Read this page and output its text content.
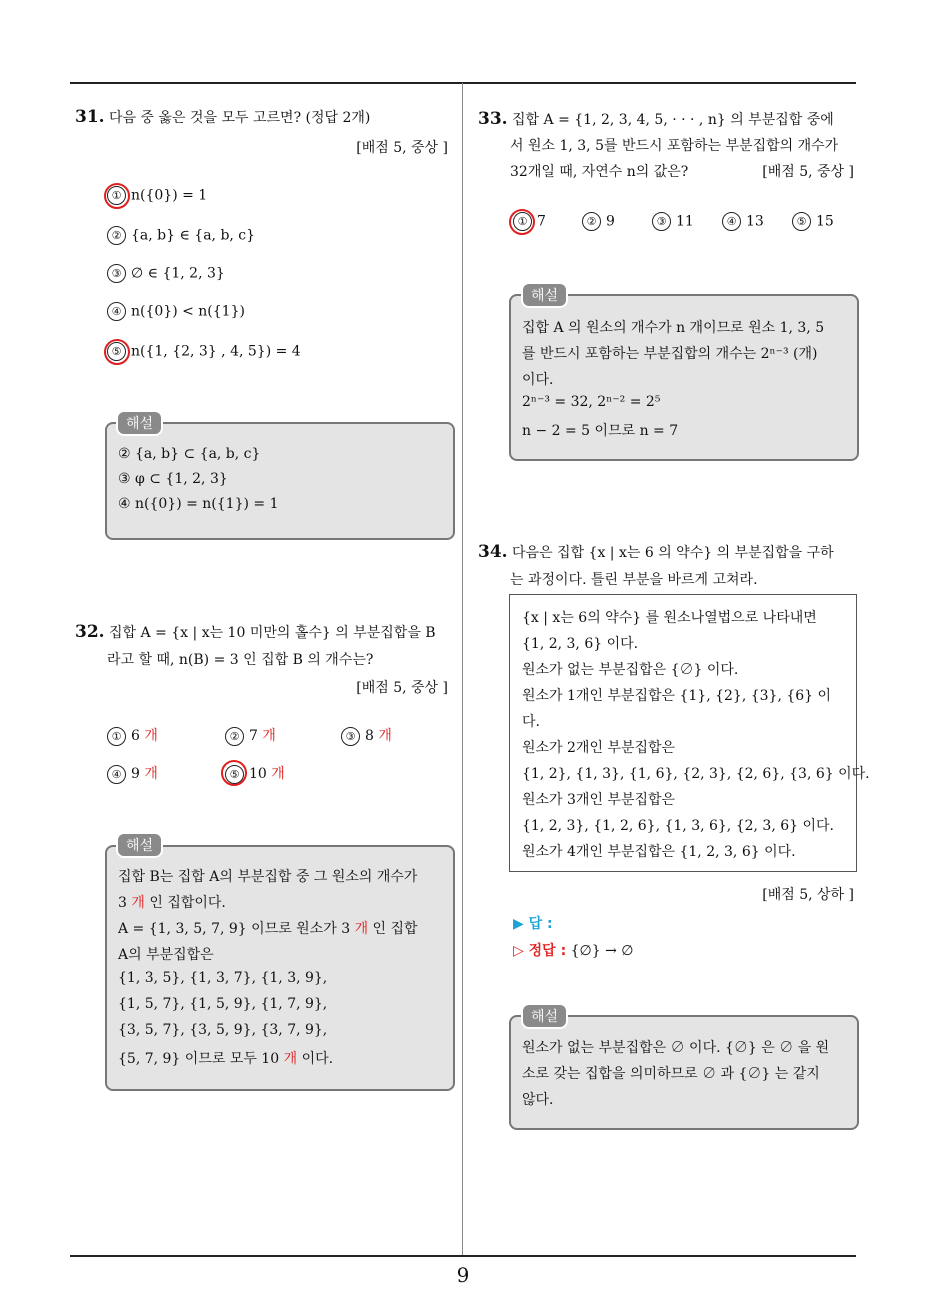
9
31. 다음 중 옳은 것을 모두 고르면? (정답 2개)
[배점 5, 중상 ]
① n({0}) = 1
② {a, b} ∈ {a, b, c}
③ ∅ ∈ {1, 2, 3}
④ n({0}) < n({1})
⑤ n({1, {2, 3} , 4, 5}) = 4
해설
② {a, b} ⊂ {a, b, c}
③ φ ⊂ {1, 2, 3}
④ n({0}) = n({1}) = 1
32. 집합 A = {x | x는 10 미만의 홀수} 의 부분집합을 B
라고 할 때, n(B) = 3 인 집합 B 의 개수는?
[배점 5, 중상 ]
① 6 개	② 7 개	③ 8 개
④ 9 개	⑤ 10 개
해설
집합 B는 집합 A의 부분집합 중 그 원소의 개수가
3 개 인 집합이다.
A = {1, 3, 5, 7, 9} 이므로 원소가 3 개 인 집합
A의 부분집합은
{1, 3, 5}, {1, 3, 7}, {1, 3, 9},
{1, 5, 7}, {1, 5, 9}, {1, 7, 9},
{3, 5, 7}, {3, 5, 9}, {3, 7, 9},
{5, 7, 9} 이므로 모두 10 개 이다.
33. 집합 A = {1, 2, 3, 4, 5, · · · , n} 의 부분집합 중에
서 원소 1, 3, 5를 반드시 포함하는 부분집합의 개수가
32개일 때, 자연수 n의 값은?	[배점 5, 중상 ]
① 7	② 9	③ 11	④ 13	⑤ 15
해설
집합 A 의 원소의 개수가 n 개이므로 원소 1, 3, 5
를 반드시 포함하는 부분집합의 개수는 2ⁿ⁻³ (개)
이다.
2ⁿ⁻³ = 32, 2ⁿ⁻² = 2⁵
n − 2 = 5 이므로 n = 7
34. 다음은 집합 {x | x는 6 의 약수} 의 부분집합을 구하
는 과정이다. 틀린 부분을 바르게 고쳐라.
{x | x는 6의 약수} 를 원소나열법으로 나타내면
{1, 2, 3, 6} 이다.
원소가 없는 부분집합은 {∅} 이다.
원소가 1개인 부분집합은 {1}, {2}, {3}, {6} 이
다.
원소가 2개인 부분집합은
{1, 2}, {1, 3}, {1, 6}, {2, 3}, {2, 6}, {3, 6} 이다.
원소가 3개인 부분집합은
{1, 2, 3}, {1, 2, 6}, {1, 3, 6}, {2, 3, 6} 이다.
원소가 4개인 부분집합은 {1, 2, 3, 6} 이다.
[배점 5, 상하 ]
▶ 답 :
▷ 정답 : {∅} → ∅
해설
원소가 없는 부분집합은 ∅ 이다. {∅} 은 ∅ 을 원
소로 갖는 집합을 의미하므로 ∅ 과 {∅} 는 같지
않다.
